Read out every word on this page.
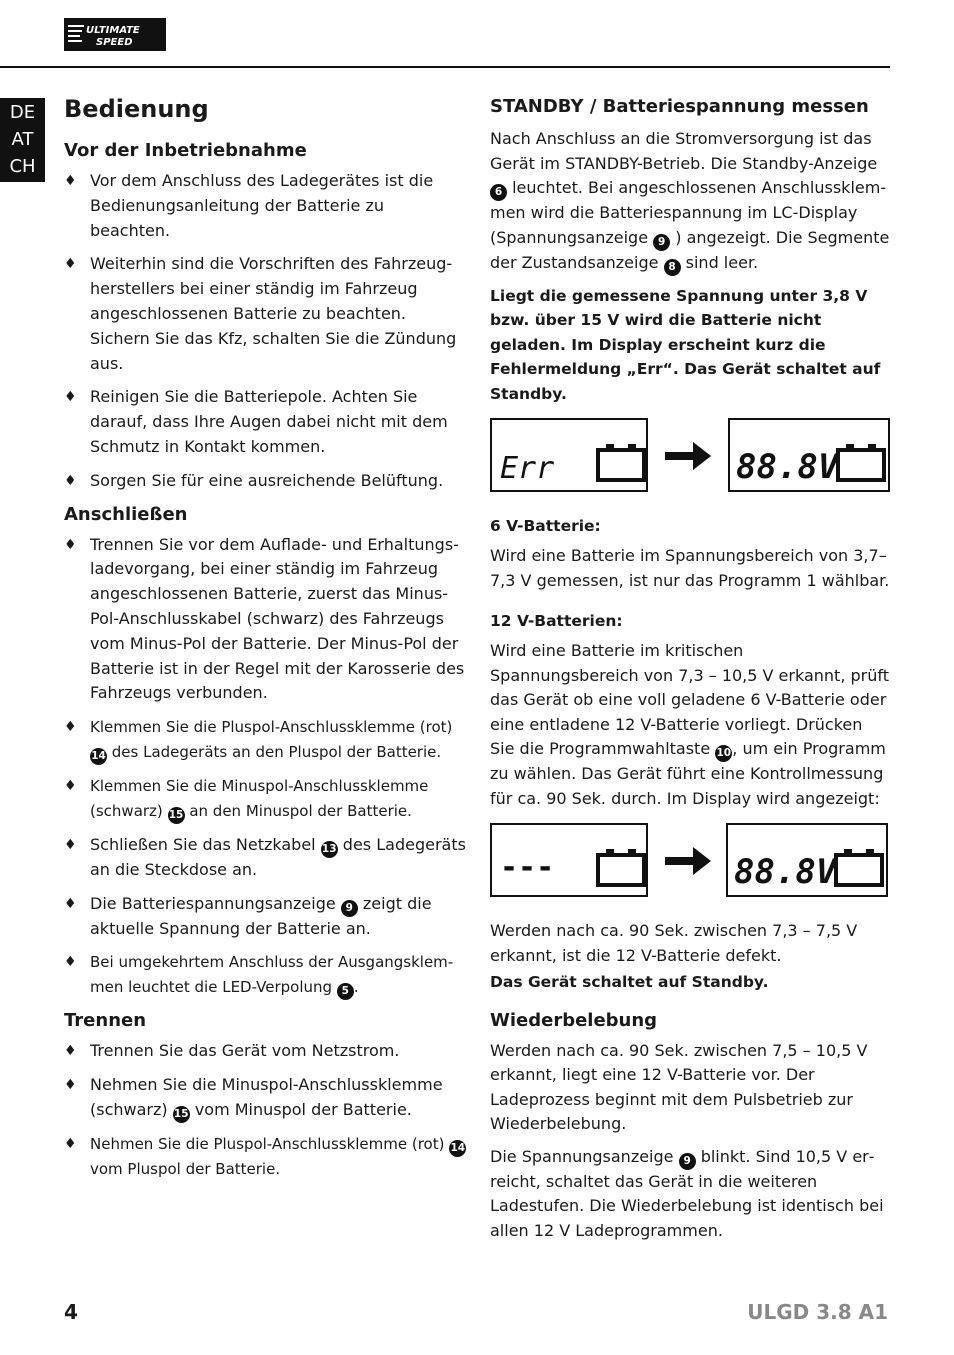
ULTIMATE
SPEED
DE
AT
CH
Bedienung
Vor der Inbetriebnahme
♦ Vor dem Anschluss des Ladegerätes ist die Bedienungsanleitung der Batterie zu beachten.
♦ Weiterhin sind die Vorschriften des Fahrzeugherstellers bei einer ständig im Fahrzeug angeschlossenen Batterie zu beachten. Sichern Sie das Kfz, schalten Sie die Zündung aus.
♦ Reinigen Sie die Batteriepole. Achten Sie darauf, dass Ihre Augen dabei nicht mit dem Schmutz in Kontakt kommen.
♦ Sorgen Sie für eine ausreichende Belüftung.
Anschließen
♦ Trennen Sie vor dem Auflade- und Erhaltungsladevorgang, bei einer ständig im Fahrzeug angeschlossenen Batterie, zuerst das Minus-Pol-Anschlusskabel (schwarz) des Fahrzeugs vom Minus-Pol der Batterie. Der Minus-Pol der Batterie ist in der Regel mit der Karosserie des Fahrzeugs verbunden.
♦ Klemmen Sie die Pluspol-Anschlussklemme (rot) 14 des Ladegeräts an den Pluspol der Batterie.
♦ Klemmen Sie die Minuspol-Anschlussklemme (schwarz) 15 an den Minuspol der Batterie.
♦ Schließen Sie das Netzkabel 13 des Ladegeräts an die Steckdose an.
♦ Die Batteriespannungsanzeige 9 zeigt die aktuelle Spannung der Batterie an.
♦ Bei umgekehrtem Anschluss der Ausgangsklemmen leuchtet die LED-Verpolung 5 .
Trennen
♦ Trennen Sie das Gerät vom Netzstrom.
♦ Nehmen Sie die Minuspol-Anschlussklemme (schwarz) 15 vom Minuspol der Batterie.
♦ Nehmen Sie die Pluspol-Anschlussklemme (rot) 14 vom Pluspol der Batterie.
STANDBY / Batteriespannung messen

Nach Anschluss an die Stromversorgung ist das Gerät im STANDBY-Betrieb. Die Standby-Anzeige 6 leuchtet. Bei angeschlossenen Anschlussklemmen wird die Batteriespannung im LC-Display (Spannungsanzeige 9 ) angezeigt. Die Segmente der Zustandsanzeige 8 sind leer.

Liegt die gemessene Spannung unter 3,8 V bzw. über 15 V wird die Batterie nicht geladen. Im Display erscheint kurz die Fehlermeldung „Err“. Das Gerät schaltet auf Standby.

Err	88.8V
6 V-Batterie:

Wird eine Batterie im Spannungsbereich von 3,7– 7,3 V gemessen, ist nur das Programm 1 wählbar.

12 V-Batterien:

Wird eine Batterie im kritischen Spannungsbereich von 7,3 – 10,5 V erkannt, prüft das Gerät ob eine voll geladene 6 V-Batterie oder eine entladene 12 V-Batterie vorliegt. Drücken Sie die Programmwahltaste 10, um ein Programm zu wählen. Das Gerät führt eine Kontrollmessung für ca. 90 Sek. durch. Im Display wird angezeigt:

---	88.8V

Werden nach ca. 90 Sek. zwischen 7,3 – 7,5 V erkannt, ist die 12 V-Batterie defekt.

Das Gerät schaltet auf Standby.

Wiederbelebung

Werden nach ca. 90 Sek. zwischen 7,5 – 10,5 V erkannt, liegt eine 12 V-Batterie vor. Der Ladeprozess beginnt mit dem Pulsbetrieb zur Wiederbelebung.

Die Spannungsanzeige 9 blinkt. Sind 10,5 V erreicht, schaltet das Gerät in die weiteren Ladestufen. Die Wiederbelebung ist identisch bei allen 12 V Ladeprogrammen.

4	ULGD 3.8 A1
